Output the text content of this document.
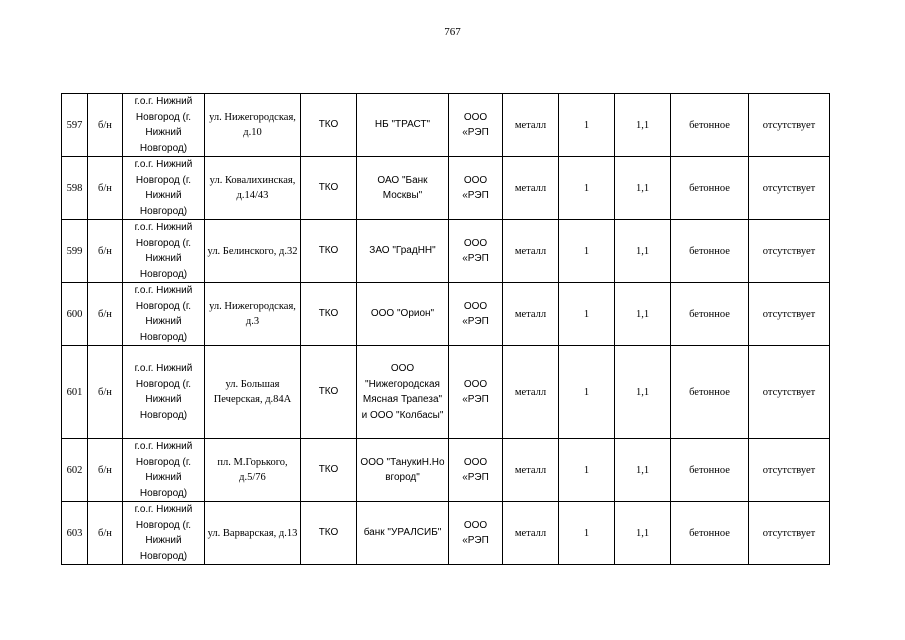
767
597	б/н	г.о.г. Нижний Новгород (г. Нижний Новгород)	ул. Нижегородская, д.10	ТКО	НБ "ТРАСТ"	ООО «РЭП	металл	1	1,1	бетонное	отсутствует
598	б/н	г.о.г. Нижний Новгород (г. Нижний Новгород)	ул. Ковалихинская, д.14/43	ТКО	ОАО "Банк Москвы"	ООО «РЭП	металл	1	1,1	бетонное	отсутствует
599	б/н	г.о.г. Нижний Новгород (г. Нижний Новгород)	ул. Белинского, д.32	ТКО	ЗАО "ГрадНН"	ООО «РЭП	металл	1	1,1	бетонное	отсутствует
600	б/н	г.о.г. Нижний Новгород (г. Нижний Новгород)	ул. Нижегородская, д.3	ТКО	ООО "Орион"	ООО «РЭП	металл	1	1,1	бетонное	отсутствует
601	б/н	г.о.г. Нижний Новгород (г. Нижний Новгород)	ул. Большая Печерская, д.84А	ТКО	ООО "Нижегородская Мясная Трапеза" и ООО "Колбасы"	ООО «РЭП	металл	1	1,1	бетонное	отсутствует
602	б/н	г.о.г. Нижний Новгород (г. Нижний Новгород)	пл. М.Горького, д.5/76	ТКО	ООО "ТанукиН.Новгород"	ООО «РЭП	металл	1	1,1	бетонное	отсутствует
603	б/н	г.о.г. Нижний Новгород (г. Нижний Новгород)	ул. Варварская, д.13	ТКО	банк "УРАЛСИБ"	ООО «РЭП	металл	1	1,1	бетонное	отсутствует
